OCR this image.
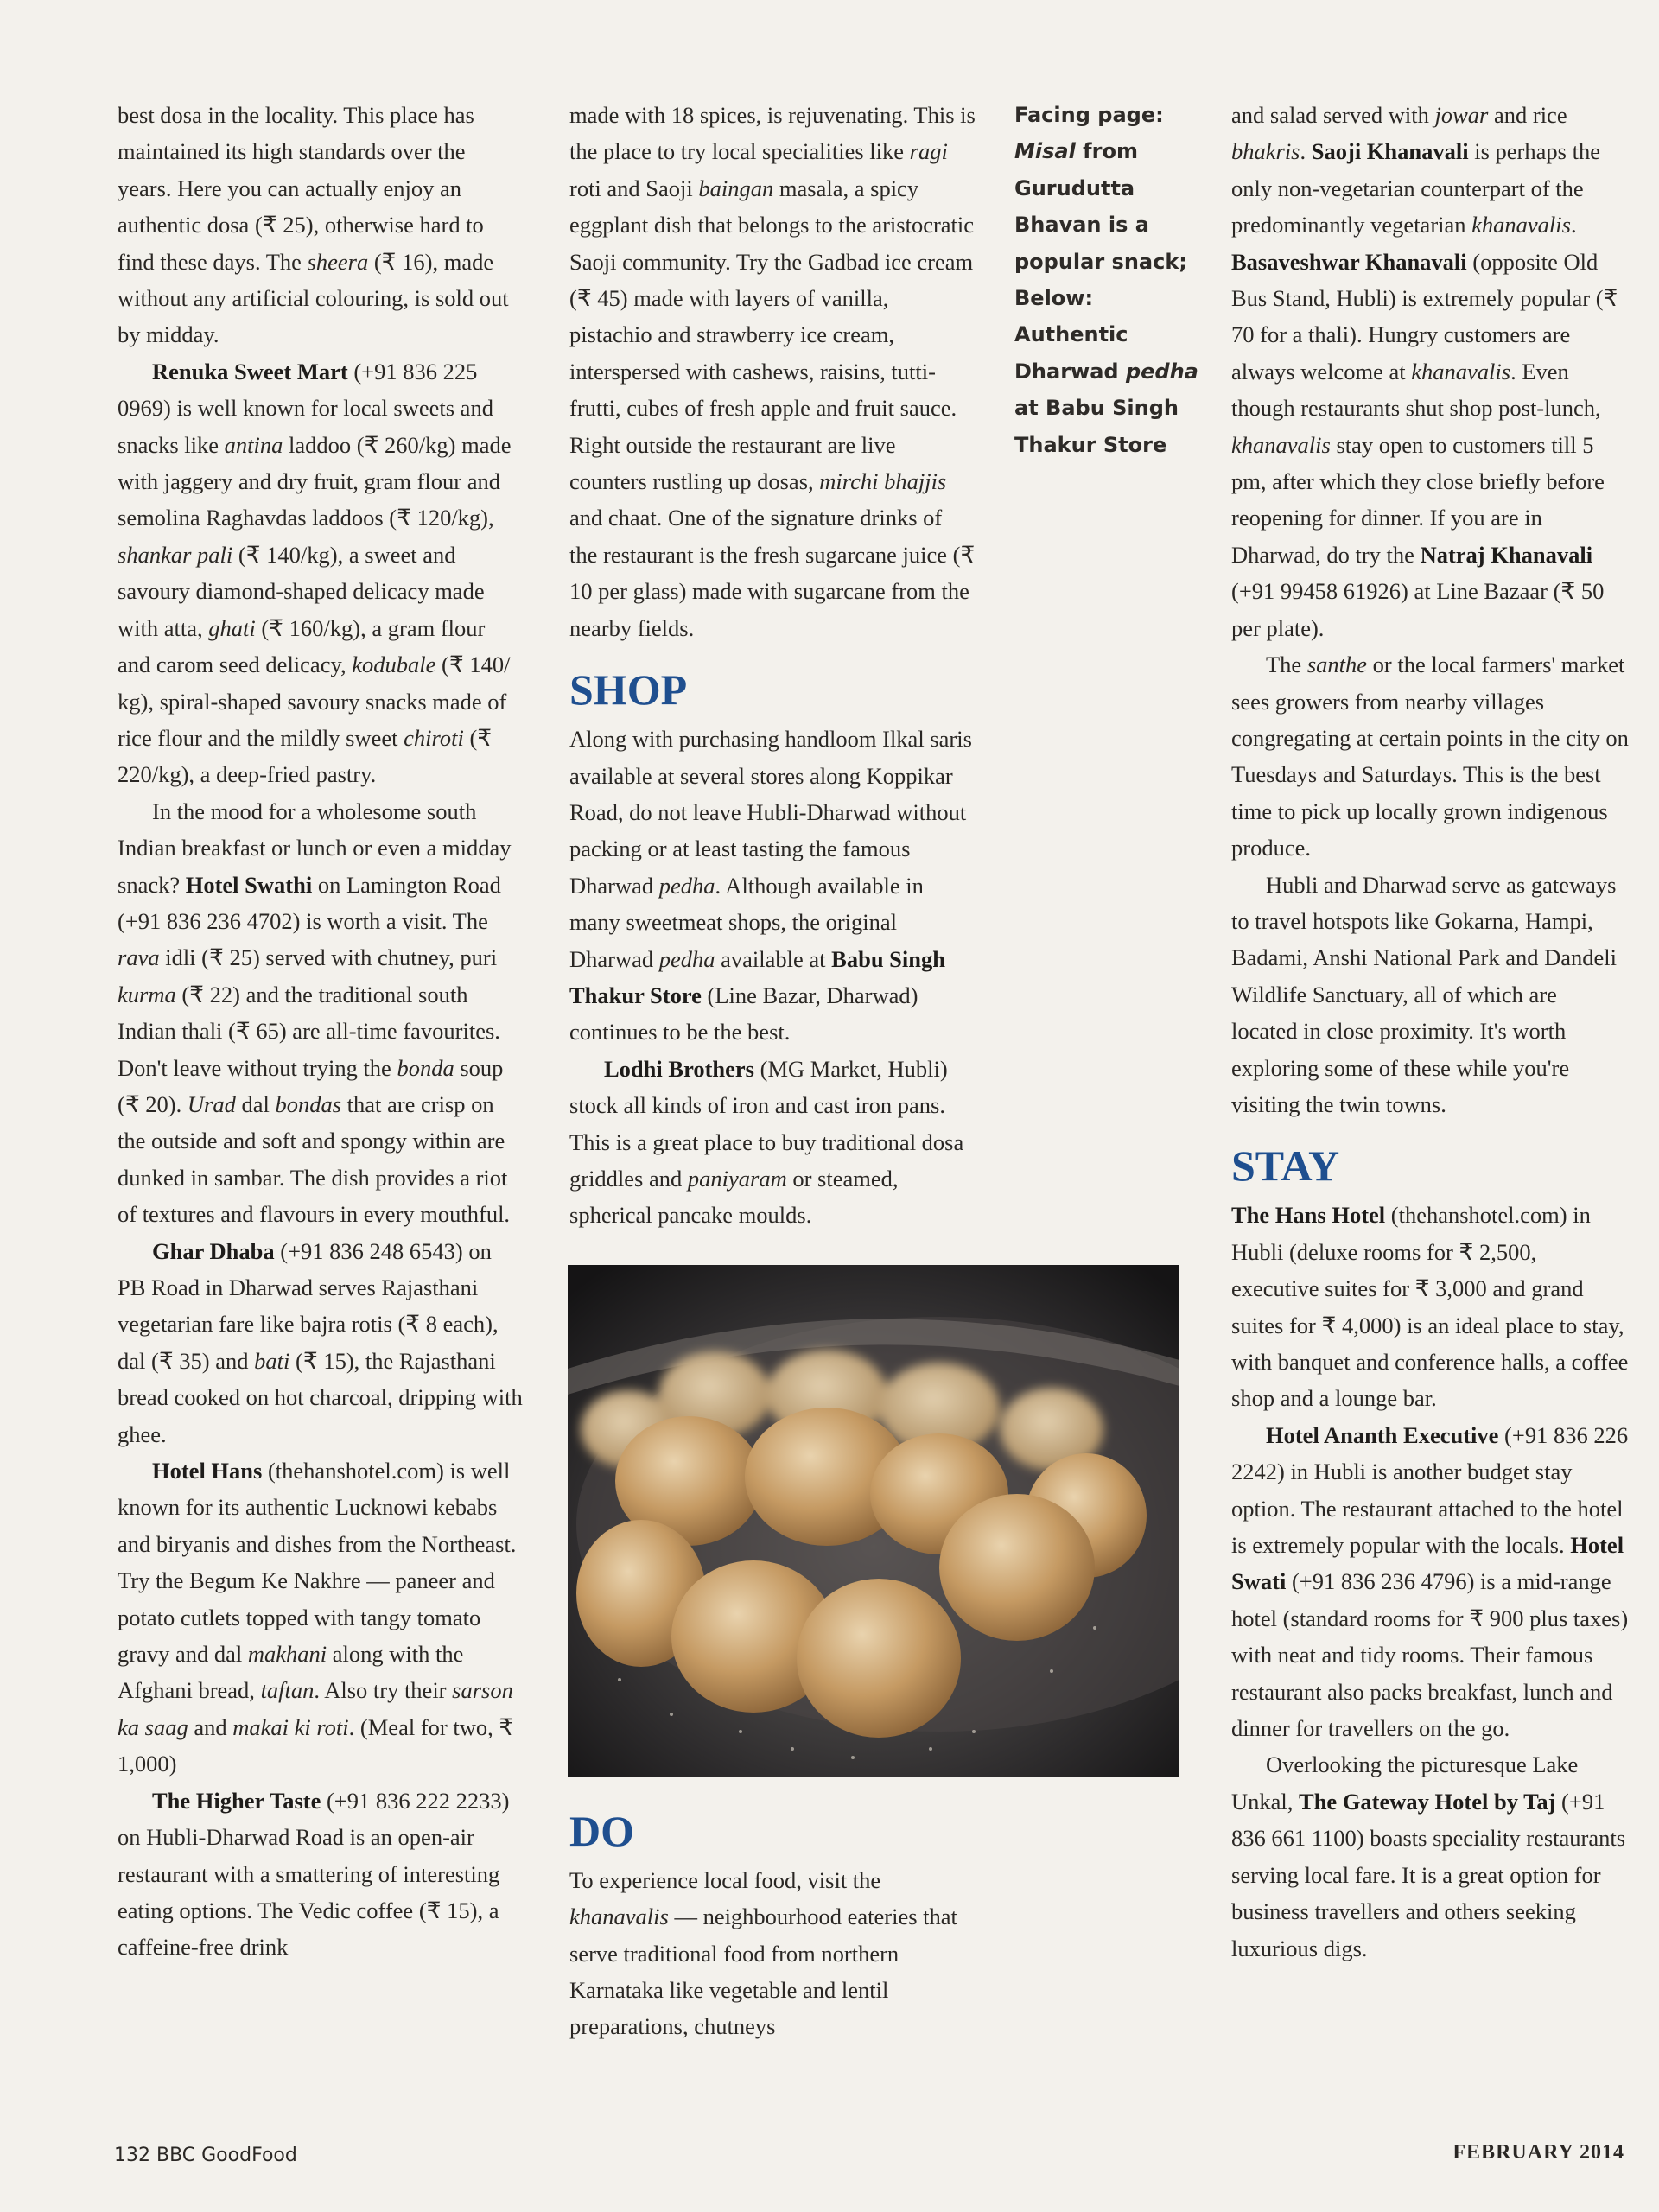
best dosa in the locality. This place has maintained its high standards over the years. Here you can actually enjoy an authentic dosa (₹ 25), otherwise hard to find these days. The sheera (₹ 16), made without any artificial colouring, is sold out by midday.

Renuka Sweet Mart (+91 836 225 0969) is well known for local sweets and snacks like antina laddoo (₹ 260/kg) made with jaggery and dry fruit, gram flour and semolina Raghavdas laddoos (₹ 120/kg), shankar pali (₹ 140/kg), a sweet and savoury diamond-shaped delicacy made with atta, ghati (₹ 160/kg), a gram flour and carom seed delicacy, kodubale (₹ 140/ kg), spiral-shaped savoury snacks made of rice flour and the mildly sweet chiroti (₹ 220/kg), a deep-fried pastry.

In the mood for a wholesome south Indian breakfast or lunch or even a midday snack? Hotel Swathi on Lamington Road (+91 836 236 4702) is worth a visit. The rava idli (₹ 25) served with chutney, puri kurma (₹ 22) and the traditional south Indian thali (₹ 65) are all-time favourites. Don't leave without trying the bonda soup (₹ 20). Urad dal bondas that are crisp on the outside and soft and spongy within are dunked in sambar. The dish provides a riot of textures and flavours in every mouthful.

Ghar Dhaba (+91 836 248 6543) on PB Road in Dharwad serves Rajasthani vegetarian fare like bajra rotis (₹ 8 each), dal (₹ 35) and bati (₹ 15), the Rajasthani bread cooked on hot charcoal, dripping with ghee.

Hotel Hans (thehanshotel.com) is well known for its authentic Lucknowi kebabs and biryanis and dishes from the Northeast. Try the Begum Ke Nakhre — paneer and potato cutlets topped with tangy tomato gravy and dal makhani along with the Afghani bread, taftan. Also try their sarson ka saag and makai ki roti. (Meal for two, ₹ 1,000)

The Higher Taste (+91 836 222 2233) on Hubli-Dharwad Road is an open-air restaurant with a smattering of interesting eating options. The Vedic coffee (₹ 15), a caffeine-free drink

made with 18 spices, is rejuvenating. This is the place to try local specialities like ragi roti and Saoji baingan masala, a spicy eggplant dish that belongs to the aristocratic Saoji community. Try the Gadbad ice cream (₹ 45) made with layers of vanilla, pistachio and strawberry ice cream, interspersed with cashews, raisins, tutti-frutti, cubes of fresh apple and fruit sauce. Right outside the restaurant are live counters rustling up dosas, mirchi bhajjis and chaat. One of the signature drinks of the restaurant is the fresh sugarcane juice (₹ 10 per glass) made with sugarcane from the nearby fields.

SHOP

Along with purchasing handloom Ilkal saris available at several stores along Koppikar Road, do not leave Hubli-Dharwad without packing or at least tasting the famous Dharwad pedha. Although available in many sweetmeat shops, the original Dharwad pedha available at Babu Singh Thakur Store (Line Bazar, Dharwad) continues to be the best.

Lodhi Brothers (MG Market, Hubli) stock all kinds of iron and cast iron pans. This is a great place to buy traditional dosa griddles and paniyaram or steamed, spherical pancake moulds.

DO

To experience local food, visit the khanavalis — neighbourhood eateries that serve traditional food from northern Karnataka like vegetable and lentil preparations, chutneys

Facing page: Misal from Gurudutta Bhavan is a popular snack; Below: Authentic Dharwad pedha at Babu Singh Thakur Store

and salad served with jowar and rice bhakris. Saoji Khanavali is perhaps the only non-vegetarian counterpart of the predominantly vegetarian khanavalis. Basaveshwar Khanavali (opposite Old Bus Stand, Hubli) is extremely popular (₹ 70 for a thali). Hungry customers are always welcome at khanavalis. Even though restaurants shut shop post-lunch, khanavalis stay open to customers till 5 pm, after which they close briefly before reopening for dinner. If you are in Dharwad, do try the Natraj Khanavali (+91 99458 61926) at Line Bazaar (₹ 50 per plate).

The santhe or the local farmers' market sees growers from nearby villages congregating at certain points in the city on Tuesdays and Saturdays. This is the best time to pick up locally grown indigenous produce.

Hubli and Dharwad serve as gateways to travel hotspots like Gokarna, Hampi, Badami, Anshi National Park and Dandeli Wildlife Sanctuary, all of which are located in close proximity. It's worth exploring some of these while you're visiting the twin towns.

STAY

The Hans Hotel (thehanshotel.com) in Hubli (deluxe rooms for ₹ 2,500, executive suites for ₹ 3,000 and grand suites for ₹ 4,000) is an ideal place to stay, with banquet and conference halls, a coffee shop and a lounge bar.

Hotel Ananth Executive (+91 836 226 2242) in Hubli is another budget stay option. The restaurant attached to the hotel is extremely popular with the locals. Hotel Swati (+91 836 236 4796) is a mid-range hotel (standard rooms for ₹ 900 plus taxes) with neat and tidy rooms. Their famous restaurant also packs breakfast, lunch and dinner for travellers on the go.

Overlooking the picturesque Lake Unkal, The Gateway Hotel by Taj (+91 836 661 1100) boasts speciality restaurants serving local fare. It is a great option for business travellers and others seeking luxurious digs.

132 BBC GoodFood	FEBRUARY 2014
